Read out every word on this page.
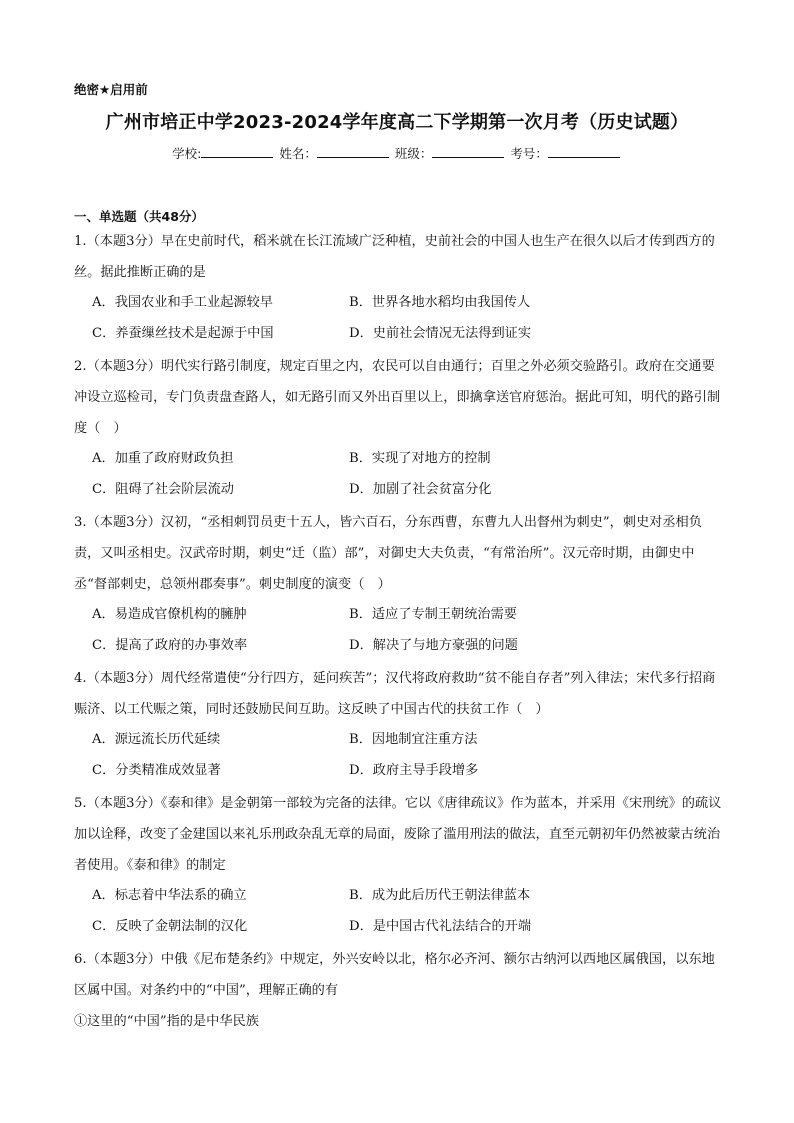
绝密★启用前
广州市培正中学2023-2024学年度高二下学期第一次月考（历史试题）
学校:	姓名：	班级：	考号：
一、单选题（共48分）
1.（本题3分）早在史前时代，稻米就在长江流域广泛种植，史前社会的中国人也生产在很久以后才传到西方的丝。据此推断正确的是
A．我国农业和手工业起源较早	B．世界各地水稻均由我国传人
C．养蚕缫丝技术是起源于中国	D．史前社会情况无法得到证实
2.（本题3分）明代实行路引制度，规定百里之内，农民可以自由通行；百里之外必须交验路引。政府在交通要冲设立巡检司，专门负责盘查路人，如无路引而又外出百里以上，即擒拿送官府惩治。据此可知，明代的路引制度（　）
A．加重了政府财政负担	B．实现了对地方的控制
C．阻碍了社会阶层流动	D．加剧了社会贫富分化
3.（本题3分）汉初，“丞相刺罚员吏十五人，皆六百石，分东西曹，东曹九人出督州为刺史”，刺史对丞相负责，又叫丞相史。汉武帝时期，刺史“迁（监）部”，对御史大夫负责，“有常治所”。汉元帝时期，由御史中丞“督部刺史，总领州郡奏事”。刺史制度的演变（　）
A．易造成官僚机构的臃肿	B．适应了专制王朝统治需要
C．提高了政府的办事效率	D．解决了与地方豪强的问题
4.（本题3分）周代经常遣使“分行四方，延问疾苦”；汉代将政府救助“贫不能自存者”列入律法；宋代多行招商赈济、以工代赈之策，同时还鼓励民间互助。这反映了中国古代的扶贫工作（　）
A．源远流长历代延续	B．因地制宜注重方法
C．分类精准成效显著	D．政府主导手段增多
5.（本题3分）《泰和律》是金朝第一部较为完备的法律。它以《唐律疏议》作为蓝本，并采用《宋刑统》的疏议加以诠释，改变了金建国以来礼乐刑政杂乱无章的局面，废除了滥用刑法的做法，直至元朝初年仍然被蒙古统治者使用。《泰和律》的制定
A．标志着中华法系的确立	B．成为此后历代王朝法律蓝本
C．反映了金朝法制的汉化	D．是中国古代礼法结合的开端
6.（本题3分）中俄《尼布楚条约》中规定，外兴安岭以北，格尔必齐河、额尔古纳河以西地区属俄国，以东地区属中国。对条约中的“中国”，理解正确的有
①这里的“中国”指的是中华民族
